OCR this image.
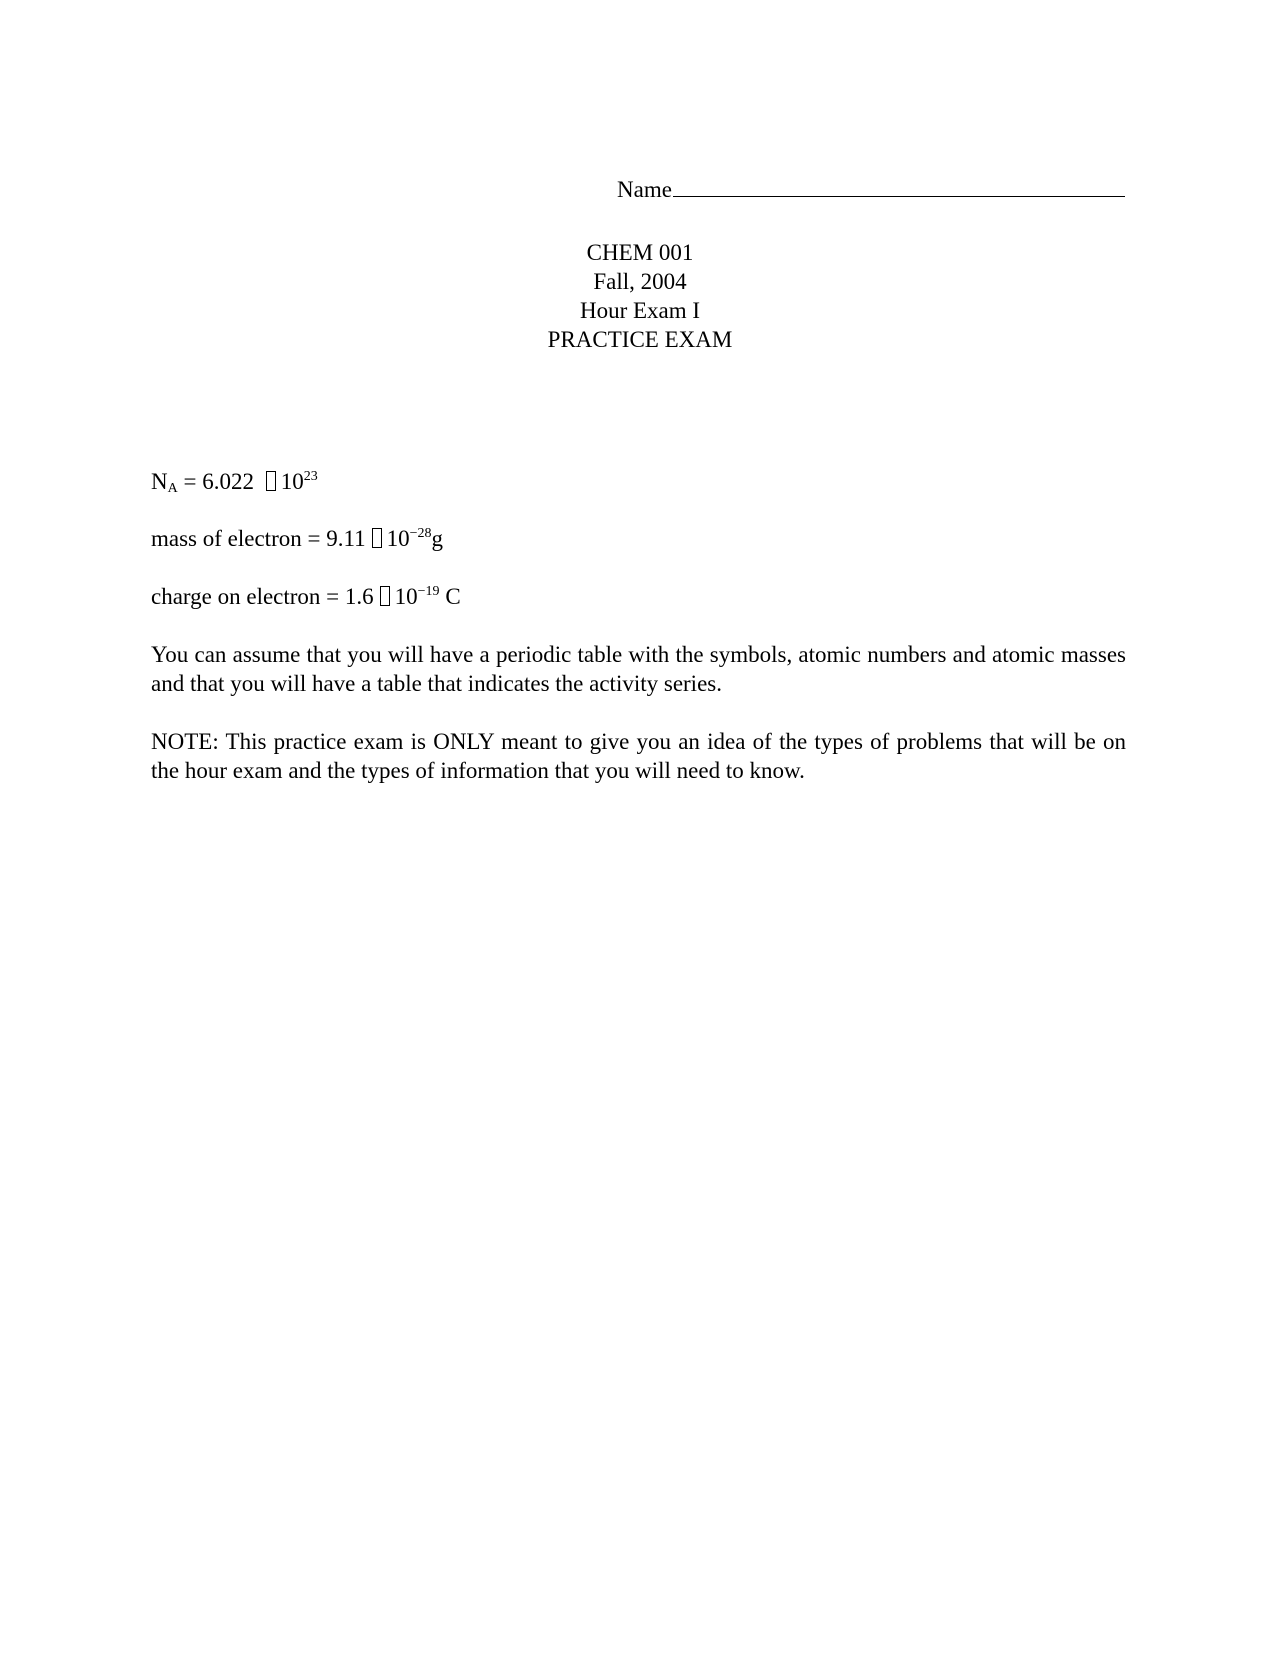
Name
CHEM 001
Fall, 2004
Hour Exam I
PRACTICE EXAM
$N_A = 6.022$ $10^{23}$
mass of electron = 9.11 $10^{-28}g$
charge on electron = 1.6 $10^{-19}$ C
You can assume that you will have a periodic table with the symbols, atomic numbers and atomic masses and that you will have a table that indicates the activity series.
NOTE: This practice exam is ONLY meant to give you an idea of the types of problems that will be on the hour exam and the types of information that you will need to know.
